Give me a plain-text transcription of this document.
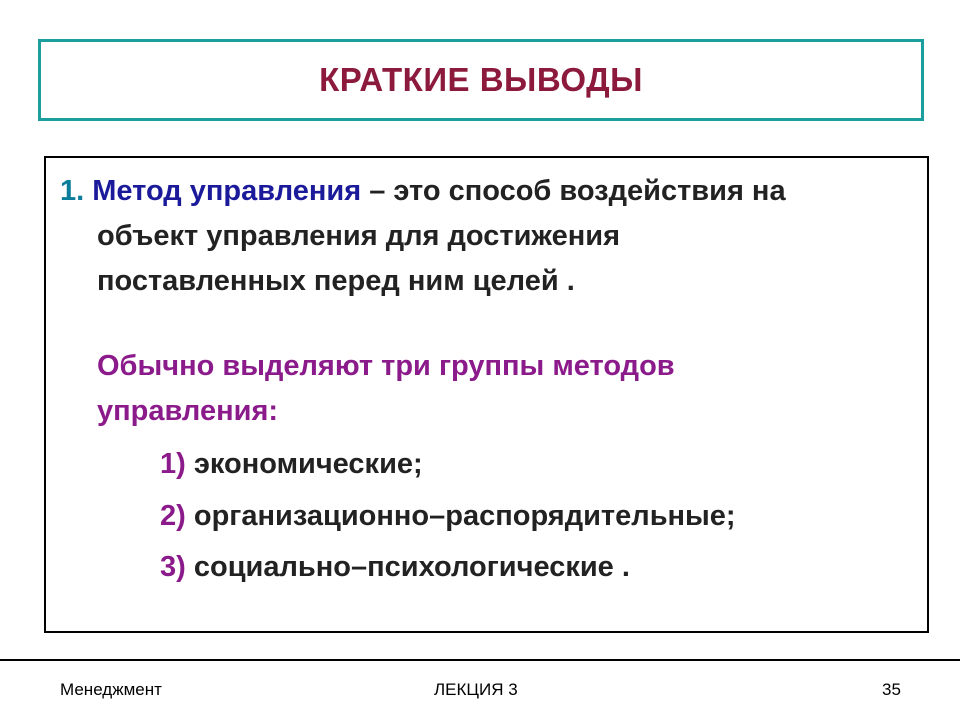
КРАТКИЕ ВЫВОДЫ
1. Метод управления – это способ воздействия на
объект управления для достижения
поставленных перед ним целей .
Обычно выделяют три группы методов
управления:
1) экономические;
2) организационно–распорядительные;
3) социально–психологические .
Менеджмент	ЛЕКЦИЯ 3	35
